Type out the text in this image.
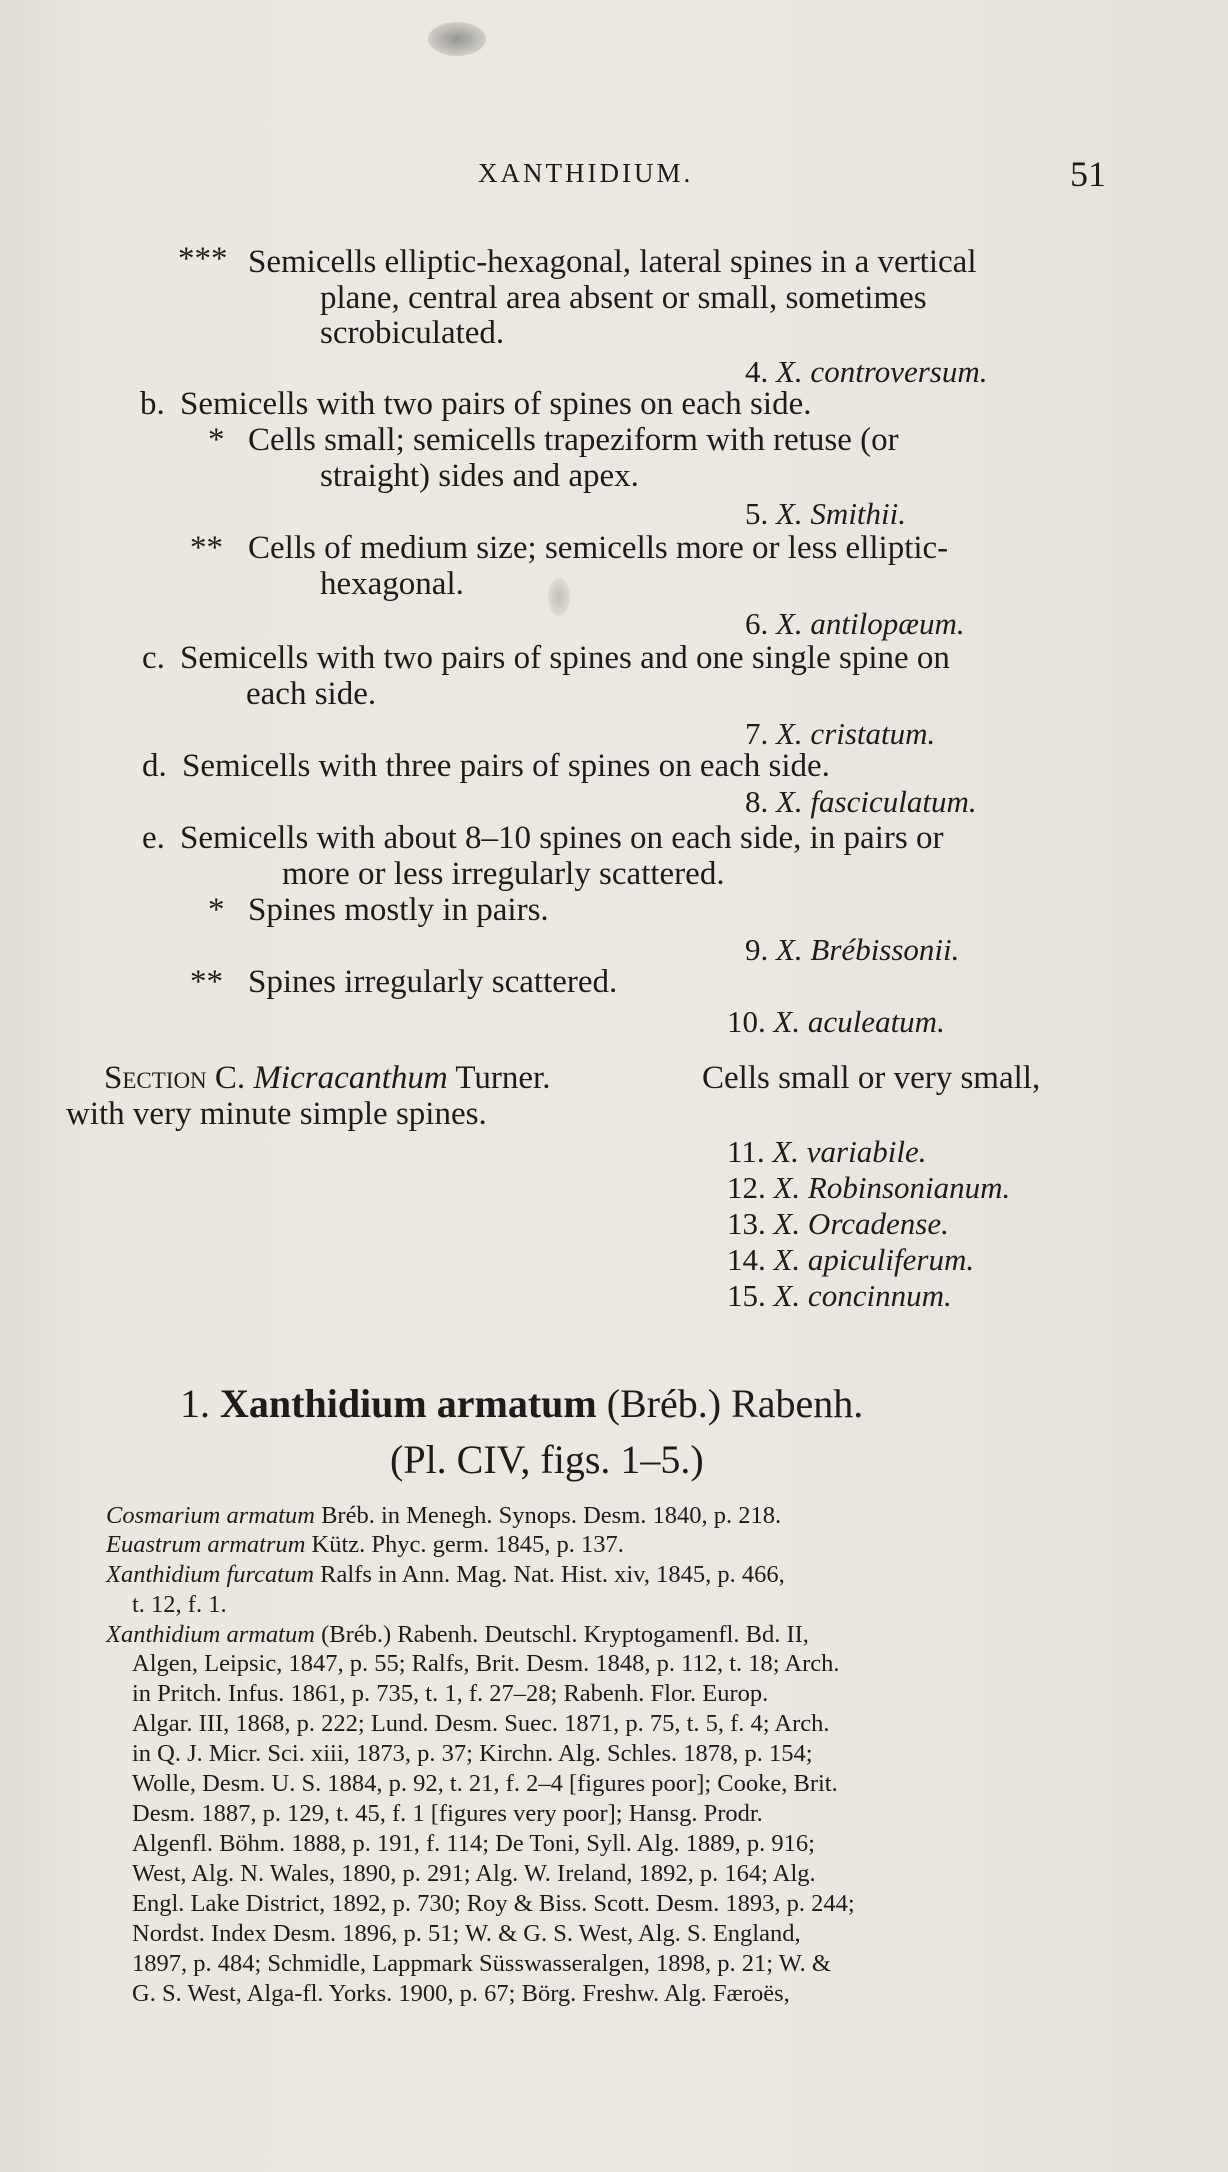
XANTHIDIUM.	51
*** Semicells elliptic-hexagonal, lateral spines in a vertical
plane, central area absent or small, sometimes
scrobiculated.
4. X. controversum.
b. Semicells with two pairs of spines on each side.
* Cells small; semicells trapeziform with retuse (or
straight) sides and apex.
5. X. Smithii.
** Cells of medium size; semicells more or less elliptic-
hexagonal.
6. X. antilopæum.
c. Semicells with two pairs of spines and one single spine on
each side.
7. X. cristatum.
d. Semicells with three pairs of spines on each side.
8. X. fasciculatum.
e. Semicells with about 8–10 spines on each side, in pairs or
more or less irregularly scattered.
* Spines mostly in pairs.
9. X. Brébissonii.
** Spines irregularly scattered.
10. X. aculeatum.
Section C. Micracanthum Turner.	Cells small or very small,
with very minute simple spines.
11. X. variabile.
12. X. Robinsonianum.
13. X. Orcadense.
14. X. apiculiferum.
15. X. concinnum.
1. Xanthidium armatum (Bréb.) Rabenh.
(Pl. CIV, figs. 1–5.)
Cosmarium armatum Bréb. in Menegh. Synops. Desm. 1840, p. 218.
Euastrum armatrum Kütz. Phyc. germ. 1845, p. 137.
Xanthidium furcatum Ralfs in Ann. Mag. Nat. Hist. xiv, 1845, p. 466,
t. 12, f. 1.
Xanthidium armatum (Bréb.) Rabenh. Deutschl. Kryptogamenfl. Bd. II,
Algen, Leipsic, 1847, p. 55; Ralfs, Brit. Desm. 1848, p. 112, t. 18; Arch.
in Pritch. Infus. 1861, p. 735, t. 1, f. 27–28; Rabenh. Flor. Europ.
Algar. III, 1868, p. 222; Lund. Desm. Suec. 1871, p. 75, t. 5, f. 4; Arch.
in Q. J. Micr. Sci. xiii, 1873, p. 37; Kirchn. Alg. Schles. 1878, p. 154;
Wolle, Desm. U. S. 1884, p. 92, t. 21, f. 2–4 [figures poor]; Cooke, Brit.
Desm. 1887, p. 129, t. 45, f. 1 [figures very poor]; Hansg. Prodr.
Algenfl. Böhm. 1888, p. 191, f. 114; De Toni, Syll. Alg. 1889, p. 916;
West, Alg. N. Wales, 1890, p. 291; Alg. W. Ireland, 1892, p. 164; Alg.
Engl. Lake District, 1892, p. 730; Roy & Biss. Scott. Desm. 1893, p. 244;
Nordst. Index Desm. 1896, p. 51; W. & G. S. West, Alg. S. England,
1897, p. 484; Schmidle, Lappmark Süsswasseralgen, 1898, p. 21; W. &
G. S. West, Alga-fl. Yorks. 1900, p. 67; Börg. Freshw. Alg. Færoës,
